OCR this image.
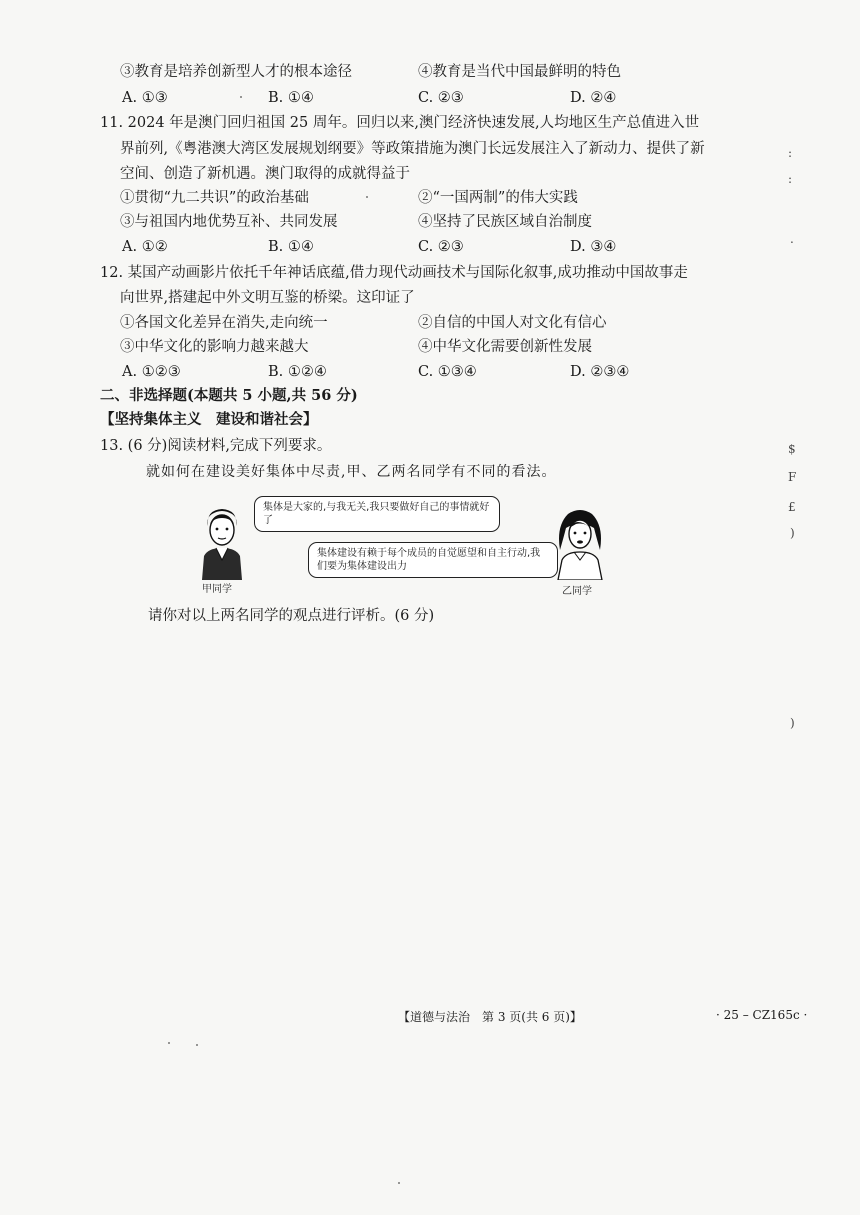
③教育是培养创新型人才的根本途径	④教育是当代中国最鲜明的特色
A. ①③	B. ①④	C. ②③	D. ②④
11. 2024 年是澳门回归祖国 25 周年。回归以来,澳门经济快速发展,人均地区生产总值进入世
界前列,《粤港澳大湾区发展规划纲要》等政策措施为澳门长远发展注入了新动力、提供了新
空间、创造了新机遇。澳门取得的成就得益于
①贯彻“九二共识”的政治基础	②“一国两制”的伟大实践
③与祖国内地优势互补、共同发展	④坚持了民族区域自治制度
A. ①②	B. ①④	C. ②③	D. ③④
12. 某国产动画影片依托千年神话底蕴,借力现代动画技术与国际化叙事,成功推动中国故事走
向世界,搭建起中外文明互鉴的桥梁。这印证了
①各国文化差异在消失,走向统一	②自信的中国人对文化有信心
③中华文化的影响力越来越大	④中华文化需要创新性发展
A. ①②③	B. ①②④	C. ①③④	D. ②③④
二、非选择题(本题共 5 小题,共 56 分)
【坚持集体主义　建设和谐社会】
13. (6 分)阅读材料,完成下列要求。
就如何在建设美好集体中尽责,甲、乙两名同学有不同的看法。
甲同学
集体是大家的,与我无关,我只要做好自己的事情就好了
集体建设有赖于每个成员的自觉愿望和自主行动,我们要为集体建设出力
乙同学
请你对以上两名同学的观点进行评析。(6 分)
【道德与法治　第 3 页(共 6 页)】	· 25 – CZ165c ·
:
:
.
$
F
£
)
)
